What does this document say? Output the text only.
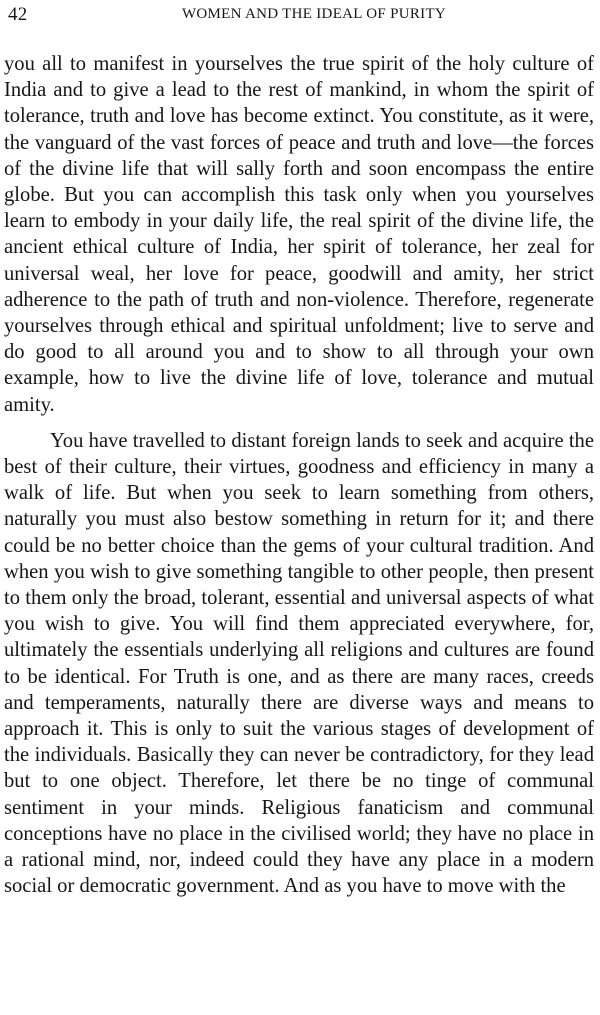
42	WOMEN AND THE IDEAL OF PURITY

you all to manifest in yourselves the true spirit of the holy culture of India and to give a lead to the rest of mankind, in whom the spirit of tolerance, truth and love has become extinct. You constitute, as it were, the vanguard of the vast forces of peace and truth and love—the forces of the divine life that will sally forth and soon encompass the entire globe. But you can accomplish this task only when you yourselves learn to embody in your daily life, the real spirit of the divine life, the ancient ethical culture of India, her spirit of tolerance, her zeal for universal weal, her love for peace, goodwill and amity, her strict adherence to the path of truth and non-violence. Therefore, regenerate yourselves through ethical and spiritual unfoldment; live to serve and do good to all around you and to show to all through your own example, how to live the divine life of love, tolerance and mutual amity.

You have travelled to distant foreign lands to seek and acquire the best of their culture, their virtues, goodness and efficiency in many a walk of life. But when you seek to learn something from others, naturally you must also bestow something in return for it; and there could be no better choice than the gems of your cultural tradition. And when you wish to give something tangible to other people, then present to them only the broad, tolerant, essential and universal aspects of what you wish to give. You will find them appreciated everywhere, for, ultimately the essentials underlying all religions and cultures are found to be identical. For Truth is one, and as there are many races, creeds and temperaments, naturally there are diverse ways and means to approach it. This is only to suit the various stages of development of the individuals. Basically they can never be contradictory, for they lead but to one object. Therefore, let there be no tinge of communal sentiment in your minds. Religious fanaticism and communal conceptions have no place in the civilised world; they have no place in a rational mind, nor, indeed could they have any place in a modern social or democratic government. And as you have to move with the
